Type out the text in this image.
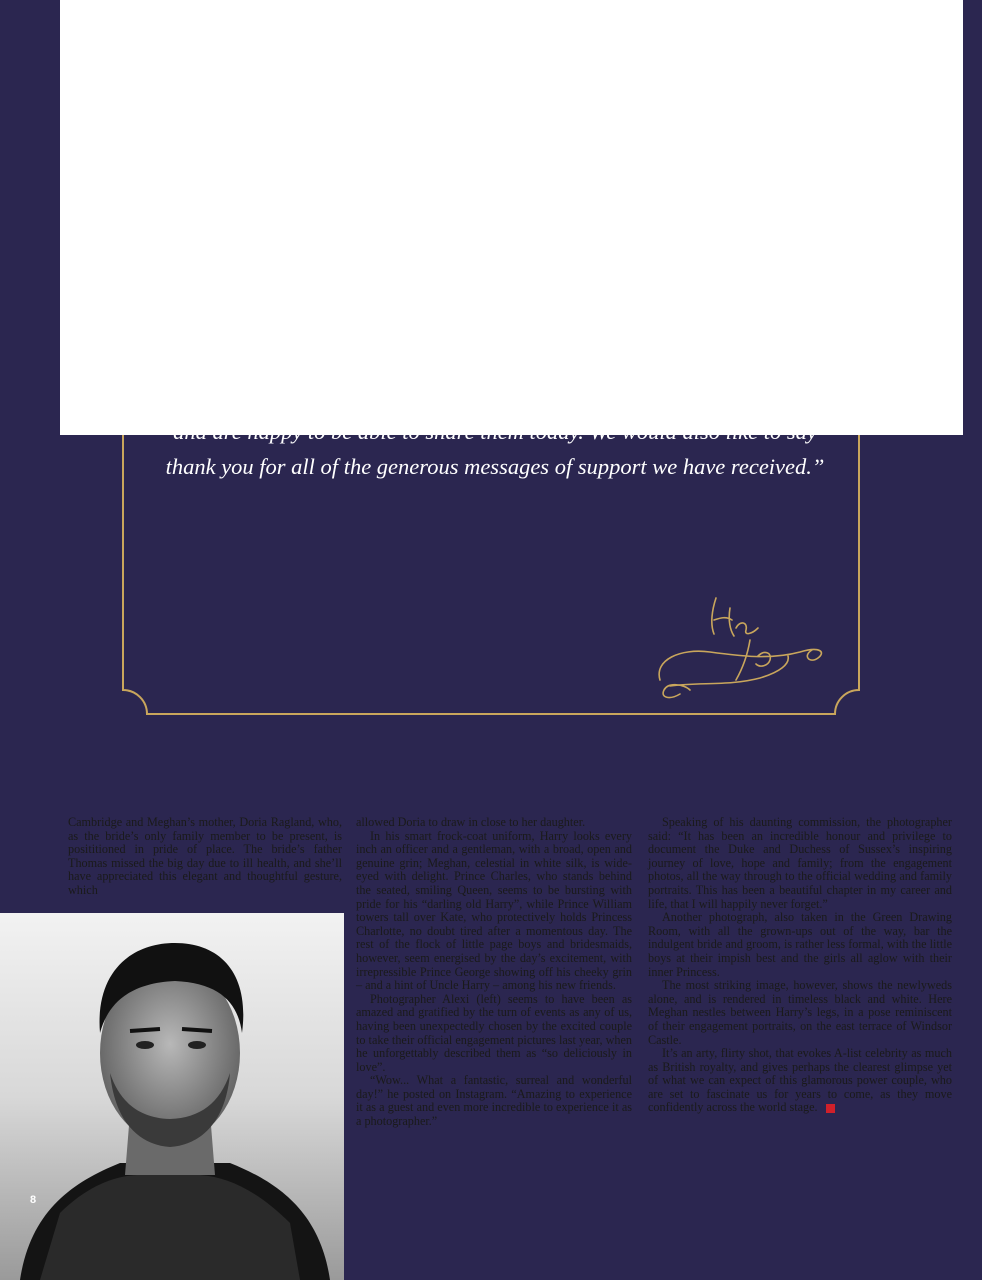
thank you for all of the generous messages of support we have received.”

Cambridge and Meghan’s mother, Doria Ragland, who, as the bride’s only family member to be present, is posititioned in pride of place. The bride’s father Thomas missed the big day due to ill health, and she’ll have appreciated this elegant and thoughtful gesture, which

allowed Doria to draw in close to her daughter.

In his smart frock-coat uniform, Harry looks every inch an officer and a gentleman, with a broad, open and genuine grin; Meghan, celestial in white silk, is wide-eyed with delight. Prince Charles, who stands behind the seated, smiling Queen, seems to be bursting with pride for his “darling old Harry”, while Prince William towers tall over Kate, who protectively holds Princess Charlotte, no doubt tired after a momentous day. The rest of the flock of little page boys and bridesmaids, however, seem energised by the day’s excitement, with irrepressible Prince George showing off his cheeky grin – and a hint of Uncle Harry – among his new friends.

Photographer Alexi (left) seems to have been as amazed and gratified by the turn of events as any of us, having been unexpectedly chosen by the excited couple to take their official engagement pictures last year, when he unforgettably described them as “so deliciously in love”.

“Wow... What a fantastic, surreal and wonderful day!” he posted on Instagram. “Amazing to experience it as a guest and even more incredible to experience it as a photographer.”

Speaking of his daunting commission, the photographer said: “It has been an incredible honour and privilege to document the Duke and Duchess of Sussex’s inspiring journey of love, hope and family; from the engagement photos, all the way through to the official wedding and family portraits. This has been a beautiful chapter in my career and life, that I will happily never forget.”

Another photograph, also taken in the Green Drawing Room, with all the grown-ups out of the way, bar the indulgent bride and groom, is rather less formal, with the little boys at their impish best and the girls all aglow with their inner Princess.

The most striking image, however, shows the newlyweds alone, and is rendered in timeless black and white. Here Meghan nestles between Harry’s legs, in a pose reminiscent of their engagement portraits, on the east terrace of Windsor Castle.

It’s an arty, flirty shot, that evokes A-list celebrity as much as British royalty, and gives perhaps the clearest glimpse yet of what we can expect of this glamorous power couple, who are set to fascinate us for years to come, as they move confidently across the world stage.

8
